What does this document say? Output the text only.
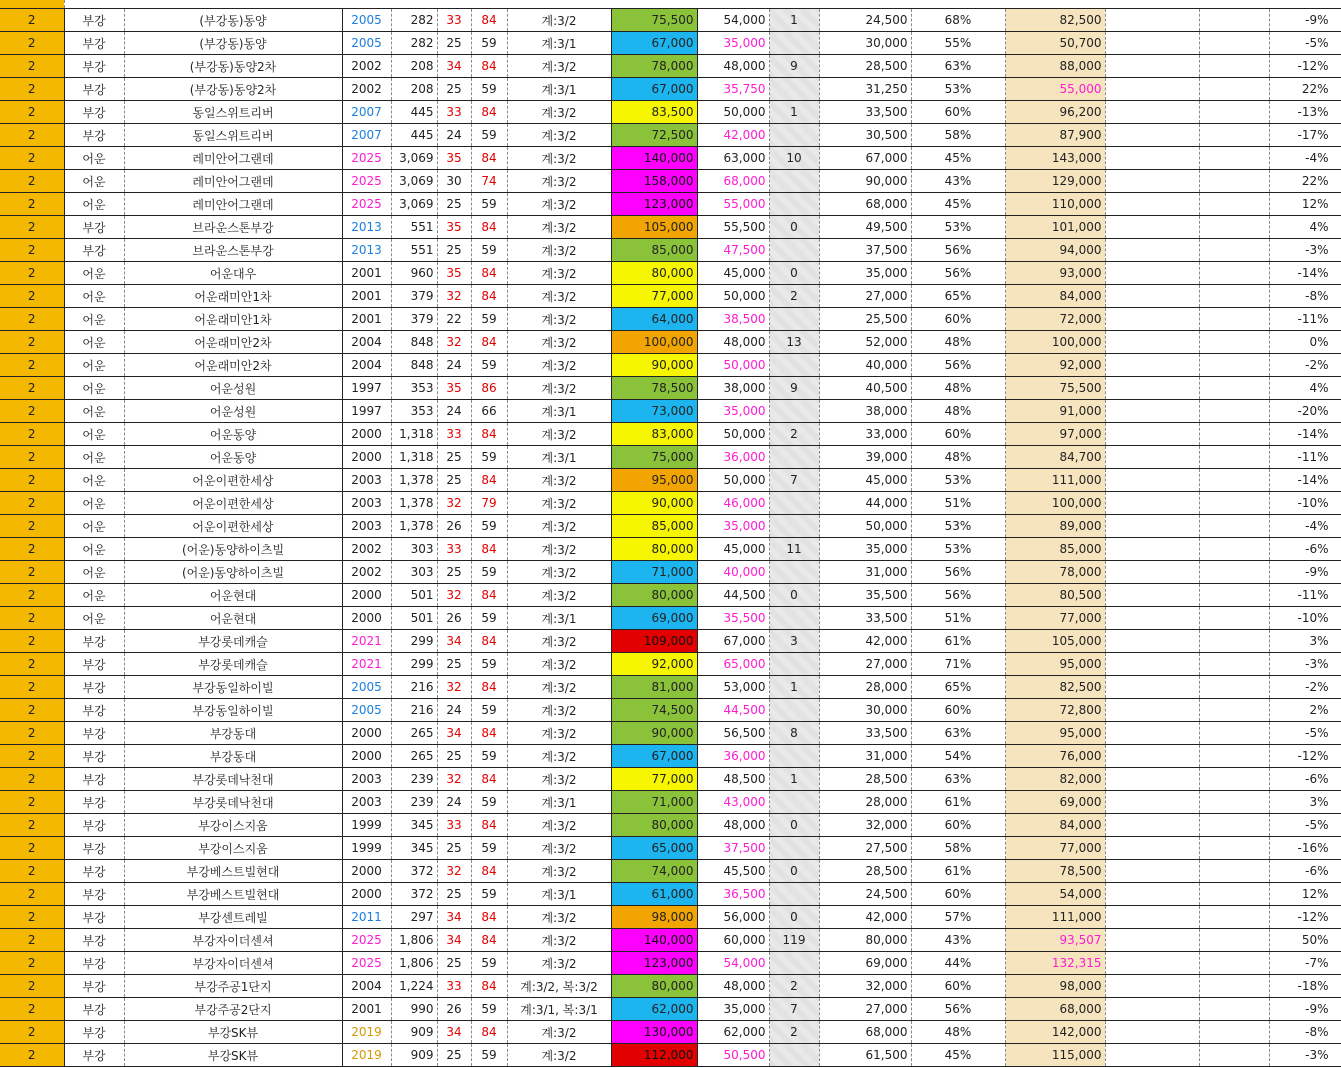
2	부강	(부강동)동양	2005	282	33	84	계:3/2	75,500	54,000	1	24,500	68%	82,500			-9%
2	부강	(부강동)동양	2005	282	25	59	계:3/1	67,000	35,000		30,000	55%	50,700			-5%
2	부강	(부강동)동양2차	2002	208	34	84	계:3/2	78,000	48,000	9	28,500	63%	88,000			-12%
2	부강	(부강동)동양2차	2002	208	25	59	계:3/1	67,000	35,750		31,250	53%	55,000			22%
2	부강	동일스위트리버	2007	445	33	84	계:3/2	83,500	50,000	1	33,500	60%	96,200			-13%
2	부강	동일스위트리버	2007	445	24	59	계:3/2	72,500	42,000		30,500	58%	87,900			-17%
2	어운	레미안어그랜데	2025	3,069	35	84	계:3/2	140,000	63,000	10	67,000	45%	143,000			-4%
2	어운	레미안어그랜데	2025	3,069	30	74	계:3/2	158,000	68,000		90,000	43%	129,000			22%
2	어운	레미안어그랜데	2025	3,069	25	59	계:3/2	123,000	55,000		68,000	45%	110,000			12%
2	부강	브라운스톤부강	2013	551	35	84	계:3/2	105,000	55,500	0	49,500	53%	101,000			4%
2	부강	브라운스톤부강	2013	551	25	59	계:3/2	85,000	47,500		37,500	56%	94,000			-3%
2	어운	어운대우	2001	960	35	84	계:3/2	80,000	45,000	0	35,000	56%	93,000			-14%
2	어운	어운래미안1차	2001	379	32	84	계:3/2	77,000	50,000	2	27,000	65%	84,000			-8%
2	어운	어운래미안1차	2001	379	22	59	계:3/2	64,000	38,500		25,500	60%	72,000			-11%
2	어운	어운래미안2차	2004	848	32	84	계:3/2	100,000	48,000	13	52,000	48%	100,000			0%
2	어운	어운래미안2차	2004	848	24	59	계:3/2	90,000	50,000		40,000	56%	92,000			-2%
2	어운	어운성원	1997	353	35	86	계:3/2	78,500	38,000	9	40,500	48%	75,500			4%
2	어운	어운성원	1997	353	24	66	계:3/1	73,000	35,000		38,000	48%	91,000			-20%
2	어운	어운동양	2000	1,318	33	84	계:3/2	83,000	50,000	2	33,000	60%	97,000			-14%
2	어운	어운동양	2000	1,318	25	59	계:3/1	75,000	36,000		39,000	48%	84,700			-11%
2	어운	어운이편한세상	2003	1,378	25	84	계:3/2	95,000	50,000	7	45,000	53%	111,000			-14%
2	어운	어운이편한세상	2003	1,378	32	79	계:3/2	90,000	46,000		44,000	51%	100,000			-10%
2	어운	어운이편한세상	2003	1,378	26	59	계:3/2	85,000	35,000		50,000	53%	89,000			-4%
2	어운	(어운)동양하이츠빌	2002	303	33	84	계:3/2	80,000	45,000	11	35,000	53%	85,000			-6%
2	어운	(어운)동양하이츠빌	2002	303	25	59	계:3/2	71,000	40,000		31,000	56%	78,000			-9%
2	어운	어운현대	2000	501	32	84	계:3/2	80,000	44,500	0	35,500	56%	80,500			-11%
2	어운	어운현대	2000	501	26	59	계:3/1	69,000	35,500		33,500	51%	77,000			-10%
2	부강	부강롯데캐슬	2021	299	34	84	계:3/2	109,000	67,000	3	42,000	61%	105,000			3%
2	부강	부강롯데캐슬	2021	299	25	59	계:3/2	92,000	65,000		27,000	71%	95,000			-3%
2	부강	부강동일하이빌	2005	216	32	84	계:3/2	81,000	53,000	1	28,000	65%	82,500			-2%
2	부강	부강동일하이빌	2005	216	24	59	계:3/2	74,500	44,500		30,000	60%	72,800			2%
2	부강	부강동대	2000	265	34	84	계:3/2	90,000	56,500	8	33,500	63%	95,000			-5%
2	부강	부강동대	2000	265	25	59	계:3/2	67,000	36,000		31,000	54%	76,000			-12%
2	부강	부강롯데낙천대	2003	239	32	84	계:3/2	77,000	48,500	1	28,500	63%	82,000			-6%
2	부강	부강롯데낙천대	2003	239	24	59	계:3/1	71,000	43,000		28,000	61%	69,000			3%
2	부강	부강이스지움	1999	345	33	84	계:3/2	80,000	48,000	0	32,000	60%	84,000			-5%
2	부강	부강이스지움	1999	345	25	59	계:3/2	65,000	37,500		27,500	58%	77,000			-16%
2	부강	부강베스트빌현대	2000	372	32	84	계:3/2	74,000	45,500	0	28,500	61%	78,500			-6%
2	부강	부강베스트빌현대	2000	372	25	59	계:3/1	61,000	36,500		24,500	60%	54,000			12%
2	부강	부강센트레빌	2011	297	34	84	계:3/2	98,000	56,000	0	42,000	57%	111,000			-12%
2	부강	부강자이더센셔	2025	1,806	34	84	계:3/2	140,000	60,000	119	80,000	43%	93,507			50%
2	부강	부강자이더센셔	2025	1,806	25	59	계:3/2	123,000	54,000		69,000	44%	132,315			-7%
2	부강	부강주공1단지	2004	1,224	33	84	계:3/2, 복:3/2	80,000	48,000	2	32,000	60%	98,000			-18%
2	부강	부강주공2단지	2001	990	26	59	계:3/1, 복:3/1	62,000	35,000	7	27,000	56%	68,000			-9%
2	부강	부강SK뷰	2019	909	34	84	계:3/2	130,000	62,000	2	68,000	48%	142,000			-8%
2	부강	부강SK뷰	2019	909	25	59	계:3/2	112,000	50,500		61,500	45%	115,000			-3%
